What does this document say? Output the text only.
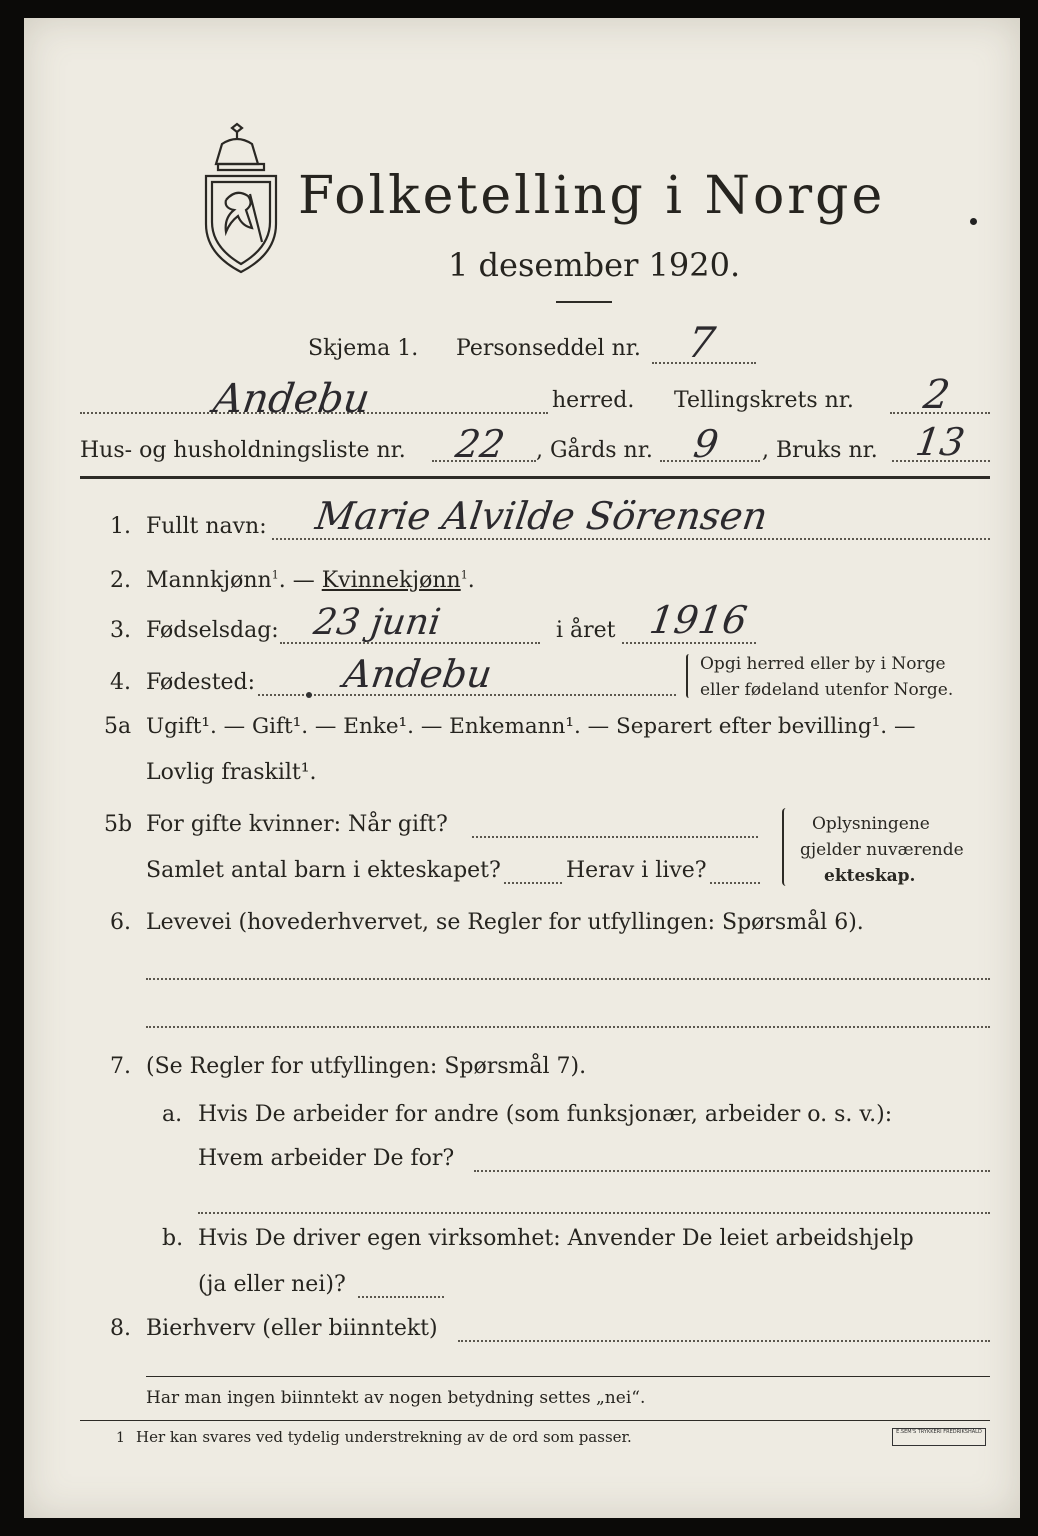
Folketelling i Norge
1 desember 1920.
Skjema 1. Personseddel nr. 7
Andebu	herred. Tellingskrets nr. 2
Hus- og husholdningsliste nr. 22 , Gårds nr. 9 , Bruks nr. 13
1. Fullt navn: Marie Alvilde Sörensen
2. Mannkjønn$^1$. — Kvinnekjønn$^1$.
3. Fødselsdag: 23 juni	i året 1916
4. Fødested: Andebu	Opgi herred eller by i Norge
eller fødeland utenfor Norge.
5a Ugift¹. — Gift¹. — Enke¹. — Enkemann¹. — Separert efter bevilling¹. —
Lovlig fraskilt¹.
5b For gifte kvinner: Når gift?
Samlet antal barn i ekteskapet?	Herav i live?
Oplysningene
gjelder nuværende
ekteskap.
6. Levevei (hovederhvervet, se Regler for utfyllingen: Spørsmål 6).
7. (Se Regler for utfyllingen: Spørsmål 7).
a. Hvis De arbeider for andre (som funksjonær, arbeider o. s. v.):
Hvem arbeider De for?
b. Hvis De driver egen virksomhet: Anvender De leiet arbeidshjelp
(ja eller nei)?
8. Bierhverv (eller biinntekt)
Har man ingen biinntekt av nogen betydning settes „nei“.
1 Her kan svares ved tydelig understrekning av de ord som passer.	E.SEM'S TRYKKERI FREDRIKSHALD
